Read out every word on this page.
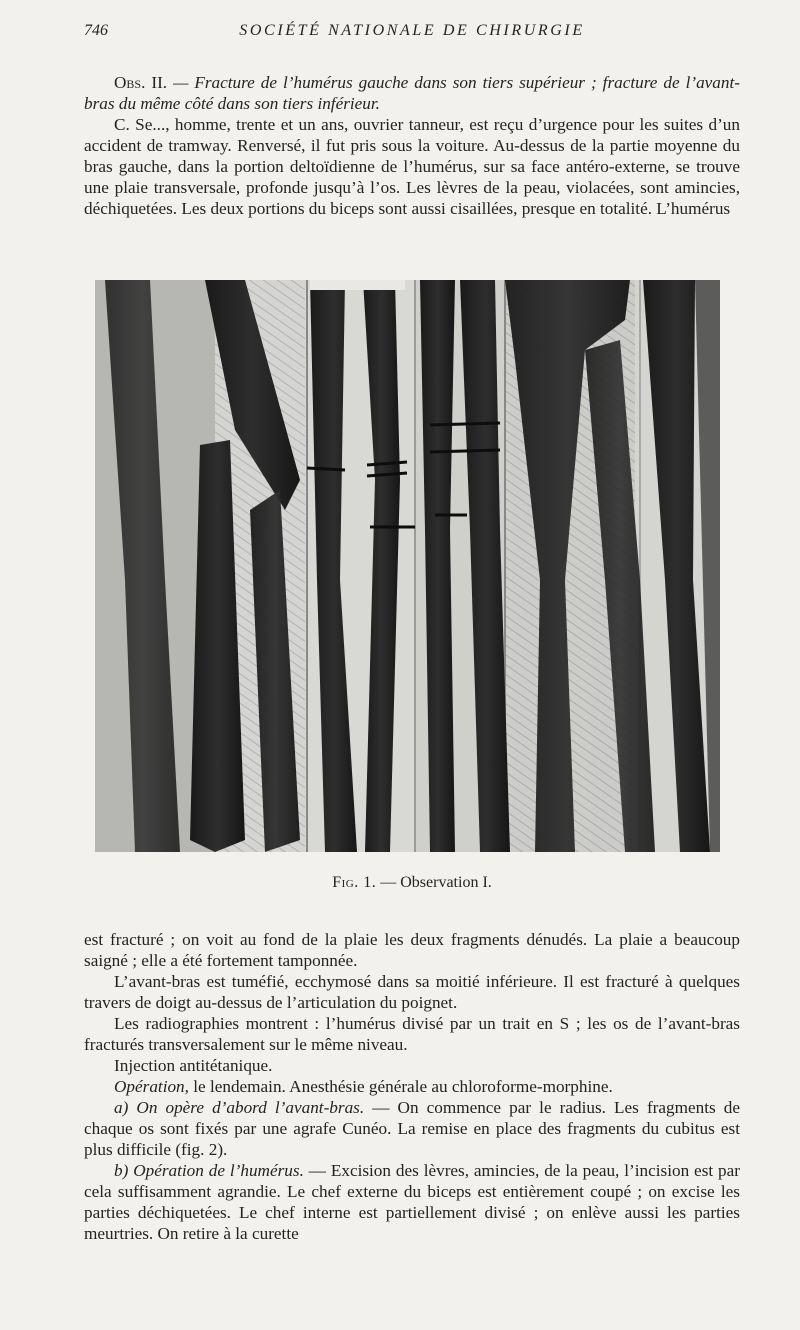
746	SOCIÉTÉ NATIONALE DE CHIRURGIE

Obs. II. — Fracture de l’humérus gauche dans son tiers supérieur ; fracture de l’avant-bras du même côté dans son tiers inférieur.

C. Se..., homme, trente et un ans, ouvrier tanneur, est reçu d’urgence pour les suites d’un accident de tramway. Renversé, il fut pris sous la voiture. Au-dessus de la partie moyenne du bras gauche, dans la portion deltoïdienne de l’humérus, sur sa face antéro-externe, se trouve une plaie transversale, profonde jusqu’à l’os. Les lèvres de la peau, violacées, sont amincies, déchiquetées. Les deux portions du biceps sont aussi cisaillées, presque en totalité. L’humérus

Fig. 1. — Observation I.

est fracturé ; on voit au fond de la plaie les deux fragments dénudés. La plaie a beaucoup saigné ; elle a été fortement tamponnée.

L’avant-bras est tuméfié, ecchymosé dans sa moitié inférieure. Il est fracturé à quelques travers de doigt au-dessus de l’articulation du poignet.

Les radiographies montrent : l’humérus divisé par un trait en S ; les os de l’avant-bras fracturés transversalement sur le même niveau.

Injection antitétanique.

Opération, le lendemain. Anesthésie générale au chloroforme-morphine.

a) On opère d’abord l’avant-bras. — On commence par le radius. Les fragments de chaque os sont fixés par une agrafe Cunéo. La remise en place des fragments du cubitus est plus difficile (fig. 2).

b) Opération de l’humérus. — Excision des lèvres, amincies, de la peau, l’incision est par cela suffisamment agrandie. Le chef externe du biceps est entièrement coupé ; on excise les parties déchiquetées. Le chef interne est partiellement divisé ; on enlève aussi les parties meurtries. On retire à la curette
